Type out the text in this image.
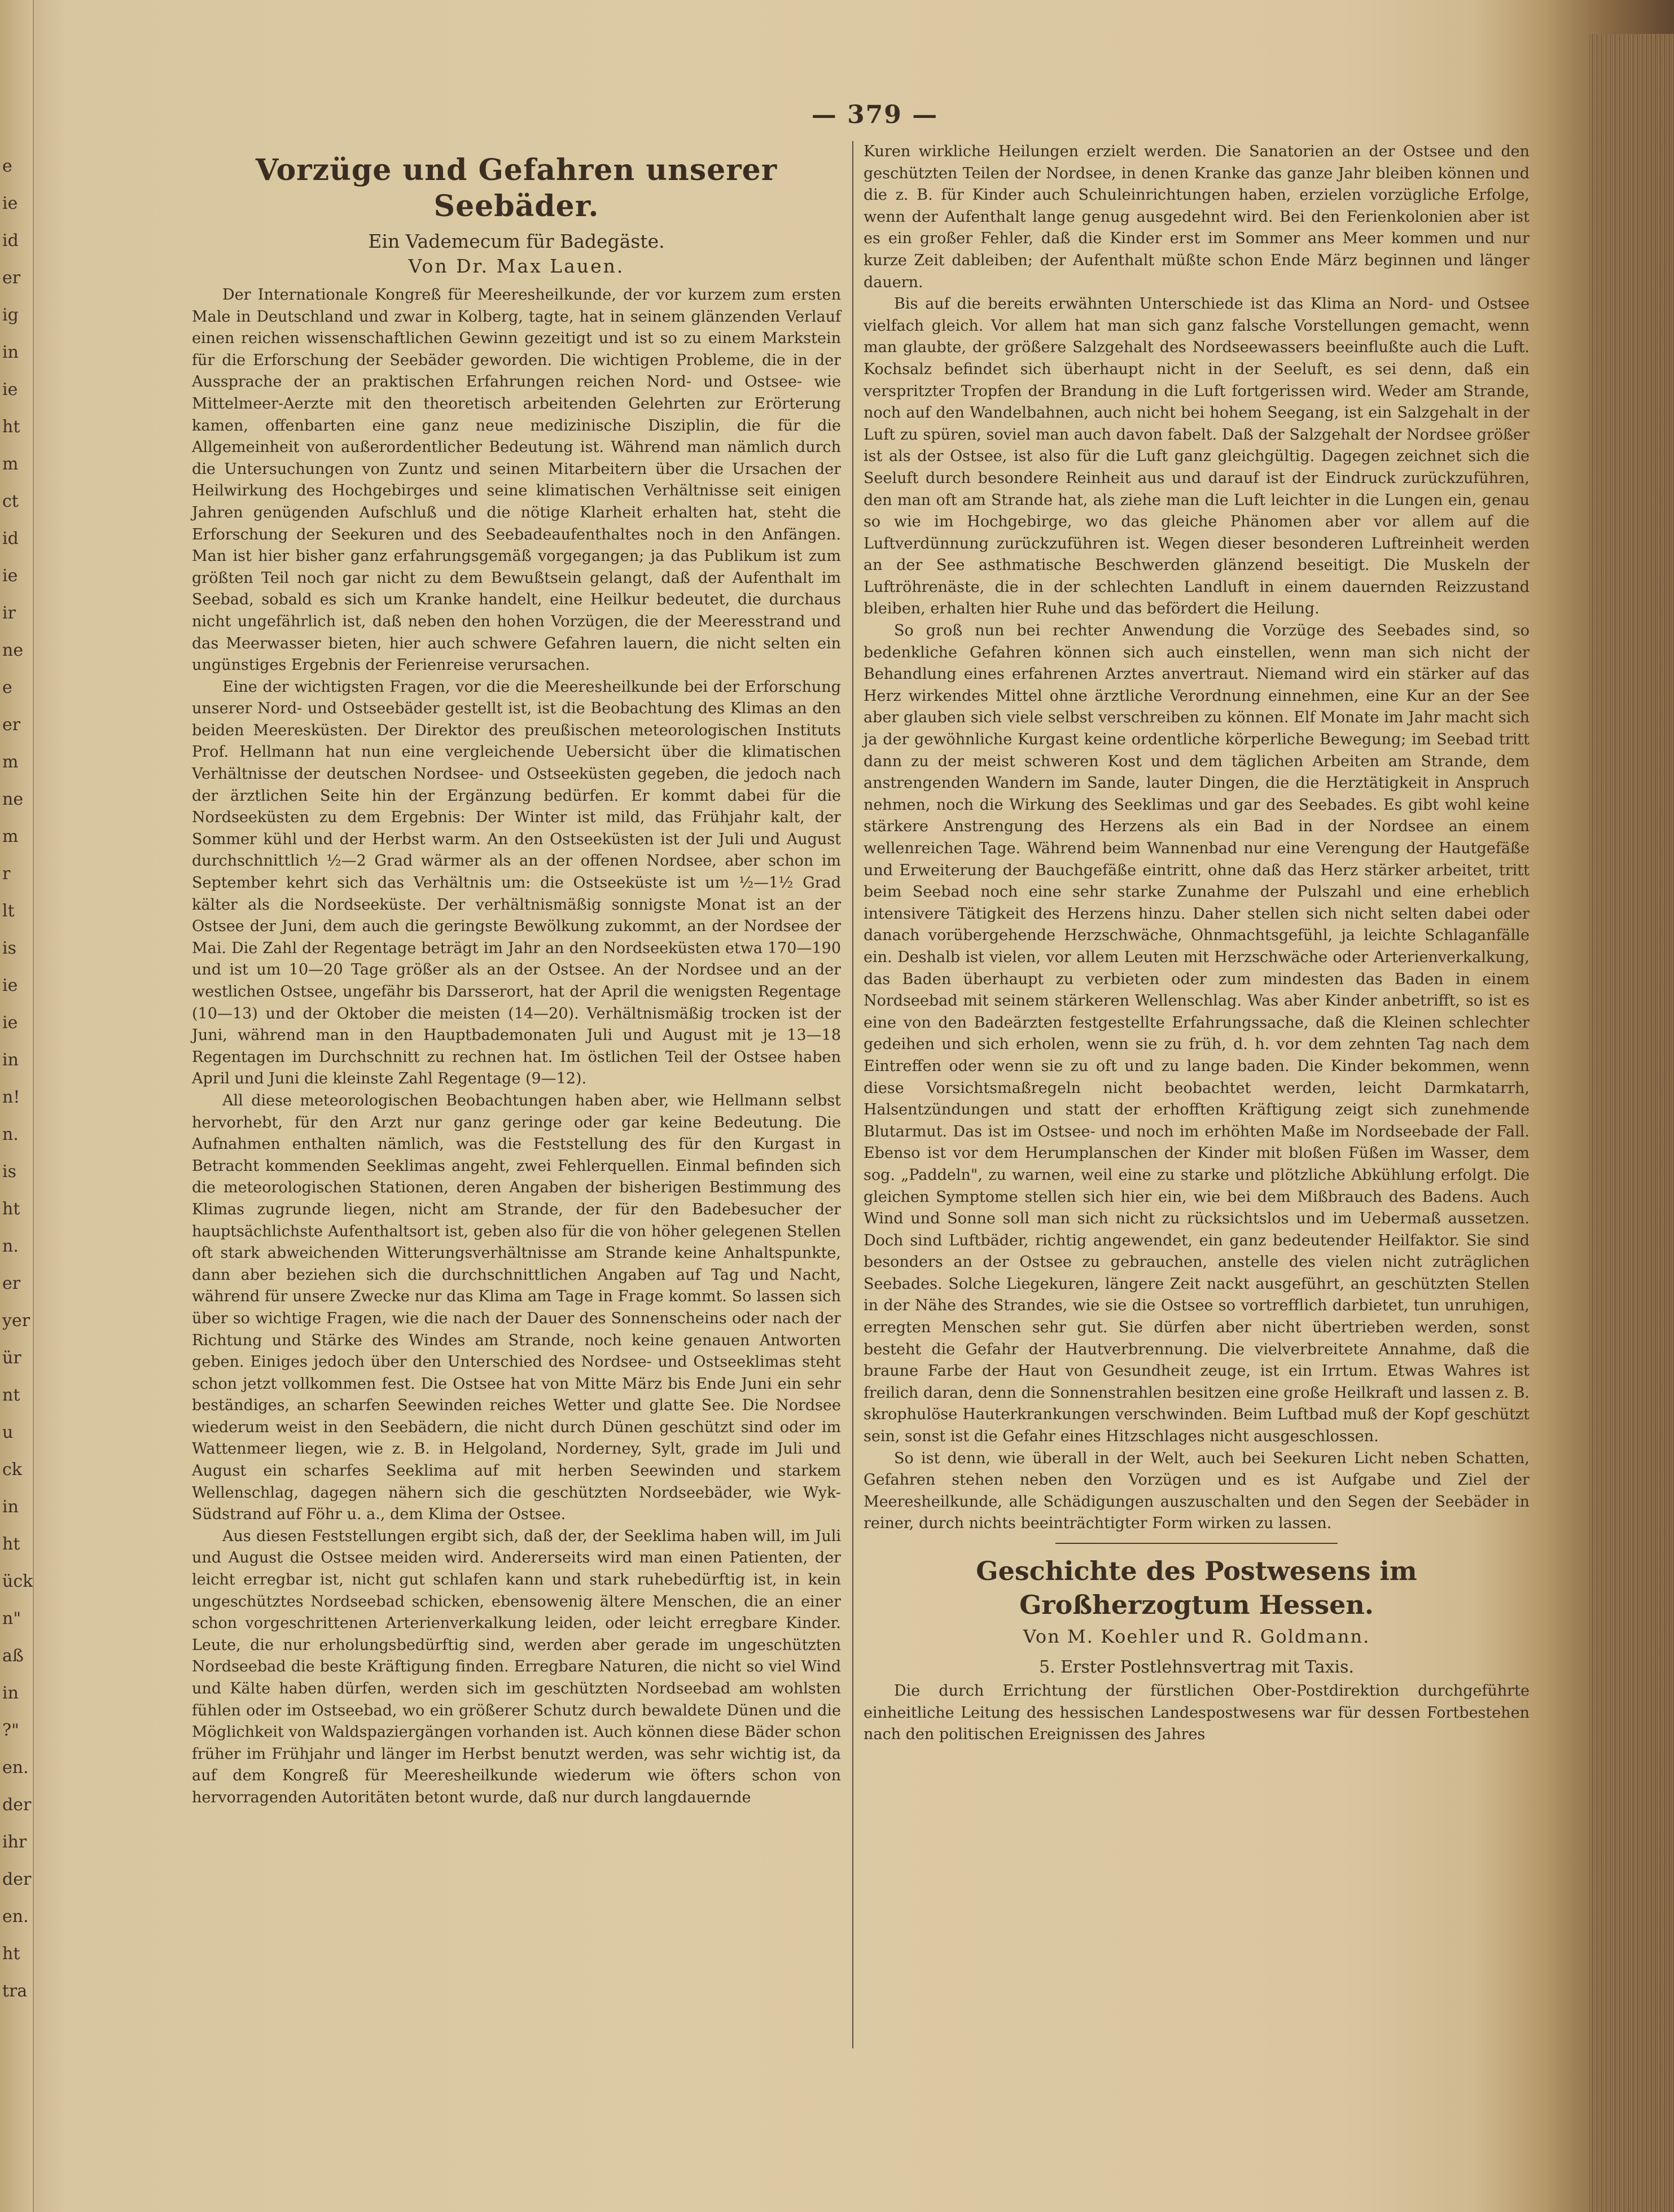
e
ie
id
er
ig
in
ie
ht
m
ct
id
ie
ir
ne
e
er
m
ne
m
r
lt
is
ie
ie
in
n!
n.
is
ht
n.
er
yer
ür
nt
u
ck
in
ht
ück
n"
aß
in
?"
en.
der
ihr
der
en.
ht
tra
— 379 —
Vorzüge und Gefahren unserer Seebäder.
Ein Vademecum für Badegäste.
Von Dr. Max Lauen.

Der Internationale Kongreß für Meeresheilkunde, der vor kurzem zum ersten Male in Deutschland und zwar in Kolberg, tagte, hat in seinem glänzenden Verlauf einen reichen wissenschaftlichen Gewinn gezeitigt und ist so zu einem Markstein für die Erforschung der Seebäder geworden. Die wichtigen Probleme, die in der Aussprache der an praktischen Erfahrungen reichen Nord- und Ostsee- wie Mittelmeer-Aerzte mit den theoretisch arbeitenden Gelehrten zur Erörterung kamen, offenbarten eine ganz neue medizinische Disziplin, die für die Allgemeinheit von außerordentlicher Bedeutung ist. Während man nämlich durch die Untersuchungen von Zuntz und seinen Mitarbeitern über die Ursachen der Heilwirkung des Hochgebirges und seine klimatischen Verhältnisse seit einigen Jahren genügenden Aufschluß und die nötige Klarheit erhalten hat, steht die Erforschung der Seekuren und des Seebadeaufenthaltes noch in den Anfängen. Man ist hier bisher ganz erfahrungsgemäß vorgegangen; ja das Publikum ist zum größten Teil noch gar nicht zu dem Bewußtsein gelangt, daß der Aufenthalt im Seebad, sobald es sich um Kranke handelt, eine Heilkur bedeutet, die durchaus nicht ungefährlich ist, daß neben den hohen Vorzügen, die der Meeresstrand und das Meerwasser bieten, hier auch schwere Gefahren lauern, die nicht selten ein ungünstiges Ergebnis der Ferienreise verursachen.

Eine der wichtigsten Fragen, vor die die Meeresheilkunde bei der Erforschung unserer Nord- und Ostseebäder gestellt ist, ist die Beobachtung des Klimas an den beiden Meeresküsten. Der Direktor des preußischen meteorologischen Instituts Prof. Hellmann hat nun eine vergleichende Uebersicht über die klimatischen Verhältnisse der deutschen Nordsee- und Ostseeküsten gegeben, die jedoch nach der ärztlichen Seite hin der Ergänzung bedürfen. Er kommt dabei für die Nordseeküsten zu dem Ergebnis: Der Winter ist mild, das Frühjahr kalt, der Sommer kühl und der Herbst warm. An den Ostseeküsten ist der Juli und August durchschnittlich ½—2 Grad wärmer als an der offenen Nordsee, aber schon im September kehrt sich das Verhältnis um: die Ostseeküste ist um ½—1½ Grad kälter als die Nordseeküste. Der verhältnismäßig sonnigste Monat ist an der Ostsee der Juni, dem auch die geringste Bewölkung zukommt, an der Nordsee der Mai. Die Zahl der Regentage beträgt im Jahr an den Nordseeküsten etwa 170—190 und ist um 10—20 Tage größer als an der Ostsee. An der Nordsee und an der westlichen Ostsee, ungefähr bis Darsserort, hat der April die wenigsten Regentage (10—13) und der Oktober die meisten (14—20). Verhältnismäßig trocken ist der Juni, während man in den Hauptbademonaten Juli und August mit je 13—18 Regentagen im Durchschnitt zu rechnen hat. Im östlichen Teil der Ostsee haben April und Juni die kleinste Zahl Regentage (9—12).

All diese meteorologischen Beobachtungen haben aber, wie Hellmann selbst hervorhebt, für den Arzt nur ganz geringe oder gar keine Bedeutung. Die Aufnahmen enthalten nämlich, was die Feststellung des für den Kurgast in Betracht kommenden Seeklimas angeht, zwei Fehlerquellen. Einmal befinden sich die meteorologischen Stationen, deren Angaben der bisherigen Bestimmung des Klimas zugrunde liegen, nicht am Strande, der für den Badebesucher der hauptsächlichste Aufenthaltsort ist, geben also für die von höher gelegenen Stellen oft stark abweichenden Witterungsverhältnisse am Strande keine Anhaltspunkte, dann aber beziehen sich die durchschnittlichen Angaben auf Tag und Nacht, während für unsere Zwecke nur das Klima am Tage in Frage kommt. So lassen sich über so wichtige Fragen, wie die nach der Dauer des Sonnenscheins oder nach der Richtung und Stärke des Windes am Strande, noch keine genauen Antworten geben. Einiges jedoch über den Unterschied des Nordsee- und Ostseeklimas steht schon jetzt vollkommen fest. Die Ostsee hat von Mitte März bis Ende Juni ein sehr beständiges, an scharfen Seewinden reiches Wetter und glatte See. Die Nordsee wiederum weist in den Seebädern, die nicht durch Dünen geschützt sind oder im Wattenmeer liegen, wie z. B. in Helgoland, Norderney, Sylt, grade im Juli und August ein scharfes Seeklima auf mit herben Seewinden und starkem Wellenschlag, dagegen nähern sich die geschützten Nordseebäder, wie Wyk-Südstrand auf Föhr u. a., dem Klima der Ostsee.

Aus diesen Feststellungen ergibt sich, daß der, der Seeklima haben will, im Juli und August die Ostsee meiden wird. Andererseits wird man einen Patienten, der leicht erregbar ist, nicht gut schlafen kann und stark ruhebedürftig ist, in kein ungeschütztes Nordseebad schicken, ebensowenig ältere Menschen, die an einer schon vorgeschrittenen Arterienverkalkung leiden, oder leicht erregbare Kinder. Leute, die nur erholungsbedürftig sind, werden aber gerade im ungeschützten Nordseebad die beste Kräftigung finden. Erregbare Naturen, die nicht so viel Wind und Kälte haben dürfen, werden sich im geschützten Nordseebad am wohlsten fühlen oder im Ostseebad, wo ein größerer Schutz durch bewaldete Dünen und die Möglichkeit von Waldspaziergängen vorhanden ist. Auch können diese Bäder schon früher im Frühjahr und länger im Herbst benutzt werden, was sehr wichtig ist, da auf dem Kongreß für Meeresheilkunde wiederum wie öfters schon von hervorragenden Autoritäten betont wurde, daß nur durch langdauernde

Kuren wirkliche Heilungen erzielt werden. Die Sanatorien an der Ostsee und den geschützten Teilen der Nordsee, in denen Kranke das ganze Jahr bleiben können und die z. B. für Kinder auch Schuleinrichtungen haben, erzielen vorzügliche Erfolge, wenn der Aufenthalt lange genug ausgedehnt wird. Bei den Ferienkolonien aber ist es ein großer Fehler, daß die Kinder erst im Sommer ans Meer kommen und nur kurze Zeit dableiben; der Aufenthalt müßte schon Ende März beginnen und länger dauern.

Bis auf die bereits erwähnten Unterschiede ist das Klima an Nord- und Ostsee vielfach gleich. Vor allem hat man sich ganz falsche Vorstellungen gemacht, wenn man glaubte, der größere Salzgehalt des Nordseewassers beeinflußte auch die Luft. Kochsalz befindet sich überhaupt nicht in der Seeluft, es sei denn, daß ein verspritzter Tropfen der Brandung in die Luft fortgerissen wird. Weder am Strande, noch auf den Wandelbahnen, auch nicht bei hohem Seegang, ist ein Salzgehalt in der Luft zu spüren, soviel man auch davon fabelt. Daß der Salzgehalt der Nordsee größer ist als der Ostsee, ist also für die Luft ganz gleichgültig. Dagegen zeichnet sich die Seeluft durch besondere Reinheit aus und darauf ist der Eindruck zurückzuführen, den man oft am Strande hat, als ziehe man die Luft leichter in die Lungen ein, genau so wie im Hochgebirge, wo das gleiche Phänomen aber vor allem auf die Luftverdünnung zurückzuführen ist. Wegen dieser besonderen Luftreinheit werden an der See asthmatische Beschwerden glänzend beseitigt. Die Muskeln der Luftröhrenäste, die in der schlechten Landluft in einem dauernden Reizzustand bleiben, erhalten hier Ruhe und das befördert die Heilung.

So groß nun bei rechter Anwendung die Vorzüge des Seebades sind, so bedenkliche Gefahren können sich auch einstellen, wenn man sich nicht der Behandlung eines erfahrenen Arztes anvertraut. Niemand wird ein stärker auf das Herz wirkendes Mittel ohne ärztliche Verordnung einnehmen, eine Kur an der See aber glauben sich viele selbst verschreiben zu können. Elf Monate im Jahr macht sich ja der gewöhnliche Kurgast keine ordentliche körperliche Bewegung; im Seebad tritt dann zu der meist schweren Kost und dem täglichen Arbeiten am Strande, dem anstrengenden Wandern im Sande, lauter Dingen, die die Herztätigkeit in Anspruch nehmen, noch die Wirkung des Seeklimas und gar des Seebades. Es gibt wohl keine stärkere Anstrengung des Herzens als ein Bad in der Nordsee an einem wellenreichen Tage. Während beim Wannenbad nur eine Verengung der Hautgefäße und Erweiterung der Bauchgefäße eintritt, ohne daß das Herz stärker arbeitet, tritt beim Seebad noch eine sehr starke Zunahme der Pulszahl und eine erheblich intensivere Tätigkeit des Herzens hinzu. Daher stellen sich nicht selten dabei oder danach vorübergehende Herzschwäche, Ohnmachtsgefühl, ja leichte Schlaganfälle ein. Deshalb ist vielen, vor allem Leuten mit Herzschwäche oder Arterienverkalkung, das Baden überhaupt zu verbieten oder zum mindesten das Baden in einem Nordseebad mit seinem stärkeren Wellenschlag. Was aber Kinder anbetrifft, so ist es eine von den Badeärzten festgestellte Erfahrungssache, daß die Kleinen schlechter gedeihen und sich erholen, wenn sie zu früh, d. h. vor dem zehnten Tag nach dem Eintreffen oder wenn sie zu oft und zu lange baden. Die Kinder bekommen, wenn diese Vorsichtsmaßregeln nicht beobachtet werden, leicht Darmkatarrh, Halsentzündungen und statt der erhofften Kräftigung zeigt sich zunehmende Blutarmut. Das ist im Ostsee- und noch im erhöhten Maße im Nordseebade der Fall. Ebenso ist vor dem Herumplanschen der Kinder mit bloßen Füßen im Wasser, dem sog. „Paddeln", zu warnen, weil eine zu starke und plötzliche Abkühlung erfolgt. Die gleichen Symptome stellen sich hier ein, wie bei dem Mißbrauch des Badens. Auch Wind und Sonne soll man sich nicht zu rücksichtslos und im Uebermaß aussetzen. Doch sind Luftbäder, richtig angewendet, ein ganz bedeutender Heilfaktor. Sie sind besonders an der Ostsee zu gebrauchen, anstelle des vielen nicht zuträglichen Seebades. Solche Liegekuren, längere Zeit nackt ausgeführt, an geschützten Stellen in der Nähe des Strandes, wie sie die Ostsee so vortrefflich darbietet, tun unruhigen, erregten Menschen sehr gut. Sie dürfen aber nicht übertrieben werden, sonst besteht die Gefahr der Hautverbrennung. Die vielverbreitete Annahme, daß die braune Farbe der Haut von Gesundheit zeuge, ist ein Irrtum. Etwas Wahres ist freilich daran, denn die Sonnenstrahlen besitzen eine große Heilkraft und lassen z. B. skrophulöse Hauterkrankungen verschwinden. Beim Luftbad muß der Kopf geschützt sein, sonst ist die Gefahr eines Hitzschlages nicht ausgeschlossen.

So ist denn, wie überall in der Welt, auch bei Seekuren Licht neben Schatten, Gefahren stehen neben den Vorzügen und es ist Aufgabe und Ziel der Meeresheilkunde, alle Schädigungen auszuschalten und den Segen der Seebäder in reiner, durch nichts beeinträchtigter Form wirken zu lassen.

Geschichte des Postwesens im Großherzogtum Hessen.
Von M. Koehler und R. Goldmann.
5. Erster Postlehnsvertrag mit Taxis.

Die durch Errichtung der fürstlichen Ober-Postdirektion durchgeführte einheitliche Leitung des hessischen Landespostwesens war für dessen Fortbestehen nach den politischen Ereignissen des Jahres
